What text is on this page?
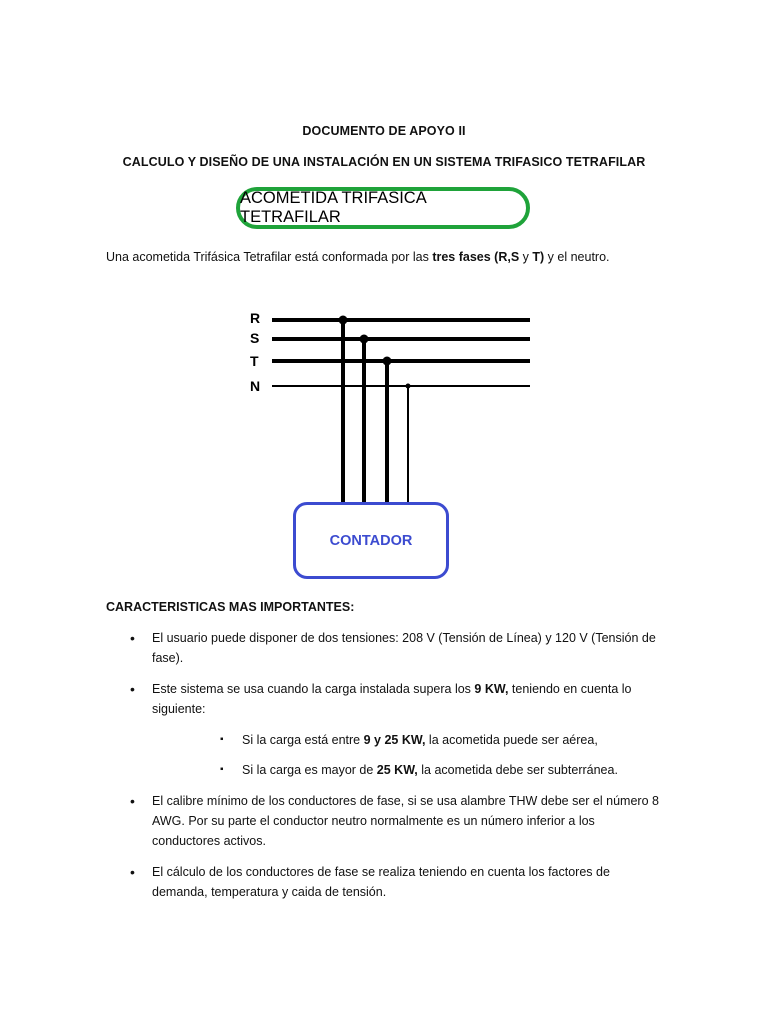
DOCUMENTO DE APOYO II
CALCULO Y DISEÑO DE UNA INSTALACIÓN EN UN SISTEMA TRIFASICO TETRAFILAR
ACOMETIDA TRIFASICA TETRAFILAR
Una acometida Trifásica Tetrafilar está conformada por las tres fases (R,S y T) y el neutro.
R
S
T
N
CONTADOR
CARACTERISTICAS MAS IMPORTANTES:
• El usuario puede disponer de dos tensiones: 208 V (Tensión de Línea) y 120 V (Tensión de fase).
• Este sistema se usa cuando la carga instalada supera los 9 KW, teniendo en cuenta lo siguiente:
▪ Si la carga está entre 9 y 25 KW, la acometida puede ser aérea,
▪ Si la carga es mayor de 25 KW, la acometida debe ser subterránea.
• El calibre mínimo de los conductores de fase, si se usa alambre THW debe ser el número 8 AWG. Por su parte el conductor neutro normalmente es un número inferior a los conductores activos.
• El cálculo de los conductores de fase se realiza teniendo en cuenta los factores de demanda, temperatura y caida de tensión.
